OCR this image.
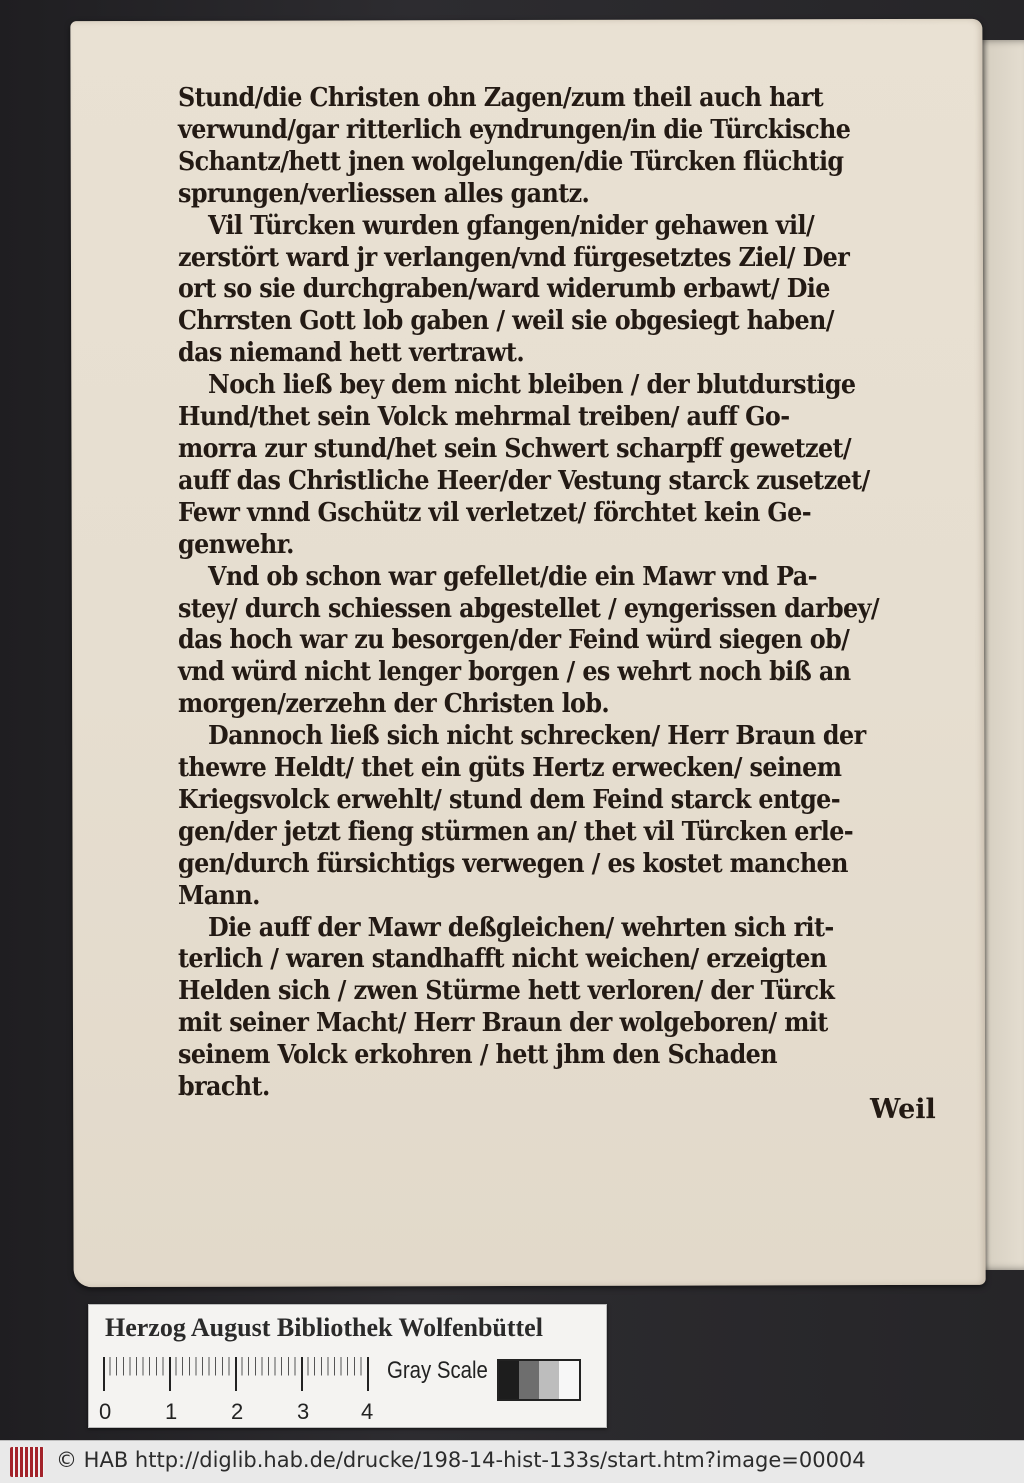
Stund/die Christen ohn Zagen/zum theil auch hart
verwund/gar ritterlich eyndrungen/in die Türckische
Schantz/hett jnen wolgelungen/die Türcken flüchtig
sprungen/verliessen alles gantz.
Vil Türcken wurden gfangen/nider gehawen vil/
zerstört ward jr verlangen/vnd fürgesetztes Ziel/ Der
ort so sie durchgraben/ward widerumb erbawt/ Die
Chrrsten Gott lob gaben / weil sie obgesiegt haben/
das niemand hett vertrawt.
Noch ließ bey dem nicht bleiben / der blutdurstige
Hund/thet sein Volck mehrmal treiben/ auff Go-
morra zur stund/het sein Schwert scharpff gewetzet/
auff das Christliche Heer/der Vestung starck zusetzet/
Fewr vnnd Gschütz vil verletzet/ förchtet kein Ge-
genwehr.
Vnd ob schon war gefellet/die ein Mawr vnd Pa-
stey/ durch schiessen abgestellet / eyngerissen darbey/
das hoch war zu besorgen/der Feind würd siegen ob/
vnd würd nicht lenger borgen / es wehrt noch biß an
morgen/zerzehn der Christen lob.
Dannoch ließ sich nicht schrecken/ Herr Braun der
thewre Heldt/ thet ein güts Hertz erwecken/ seinem
Kriegsvolck erwehlt/ stund dem Feind starck entge-
gen/der jetzt fieng stürmen an/ thet vil Türcken erle-
gen/durch fürsichtigs verwegen / es kostet manchen
Mann.
Die auff der Mawr deßgleichen/ wehrten sich rit-
terlich / waren standhafft nicht weichen/ erzeigten
Helden sich / zwen Stürme hett verloren/ der Türck
mit seiner Macht/ Herr Braun der wolgeboren/ mit
seinem Volck erkohren / hett jhm den Schaden
bracht.
Weil
Herzog August Bibliothek Wolfenbüttel
0 1 2 3 4
Gray Scale
© HAB http://diglib.hab.de/drucke/198-14-hist-133s/start.htm?image=00004
